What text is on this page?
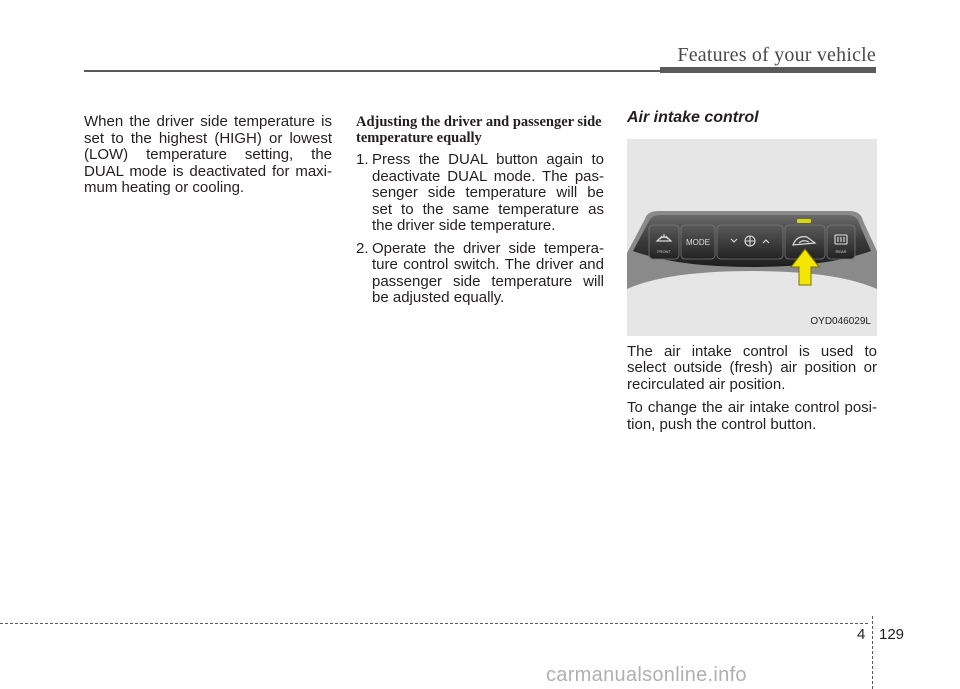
Features of your vehicle

When the driver side temperature is set to the highest (HIGH) or lowest (LOW) temperature setting, the DUAL mode is deactivated for maxi-mum heating or cooling.

Adjusting the driver and passenger side temperature equally
1. Press the DUAL button again to deactivate DUAL mode. The pas-senger side temperature will be set to the same temperature as the driver side temperature.
2. Operate the driver side tempera-ture control switch. The driver and passenger side temperature will be adjusted equally.
Air intake control
FRONT
MODE
REAR
OYD046029L

The air intake control is used to select outside (fresh) air position or recirculated air position.

To change the air intake control posi-tion, push the control button.

4 129
carmanualsonline.info
